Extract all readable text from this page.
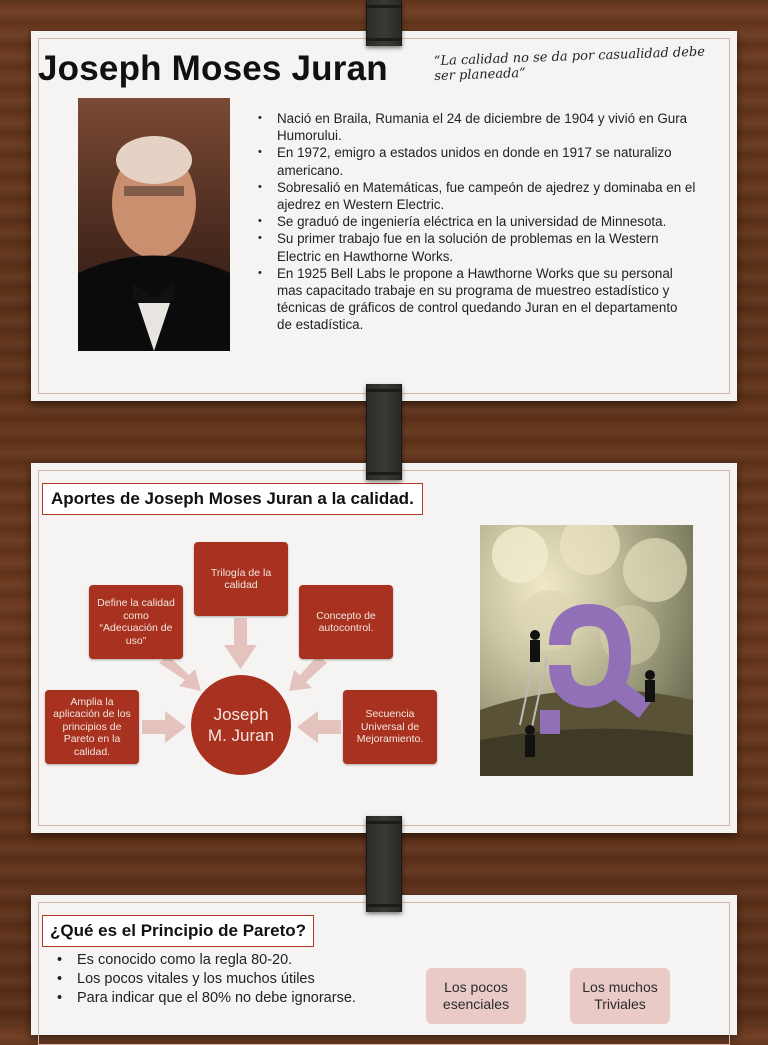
Joseph Moses Juran	“La calidad no se da por casualidad debe ser planeada”
• Nació en Braila, Rumania el 24 de diciembre de 1904 y vivió en Gura Humorului.
• En 1972, emigro a estados unidos en donde en 1917 se naturalizo americano.
• Sobresalió en Matemáticas, fue campeón de ajedrez y dominaba en el ajedrez en Western Electric.
• Se graduó de ingeniería eléctrica en la universidad de Minnesota.
• Su primer trabajo fue en la solución de problemas en la Western Electric en Hawthorne Works.
• En 1925 Bell Labs le propone a Hawthorne Works que su personal mas capacitado trabaje en su programa de muestreo estadístico y técnicas de gráficos de control quedando Juran en el departamento de estadística.
Aportes de Joseph Moses Juran a la calidad.
Trilogía de la calidad
Define la calidad como “Adecuación de uso”
Concepto de autocontrol.
Amplia la aplicación de los principios de Pareto en la calidad.
Secuencia Universal de Mejoramiento.
Joseph M. Juran
¿Qué es el Principio de Pareto?
• Es conocido como la regla 80-20.
• Los pocos vitales y los muchos útiles
• Para indicar que el 80% no debe ignorarse.
Los pocos esenciales
Los muchos Triviales
